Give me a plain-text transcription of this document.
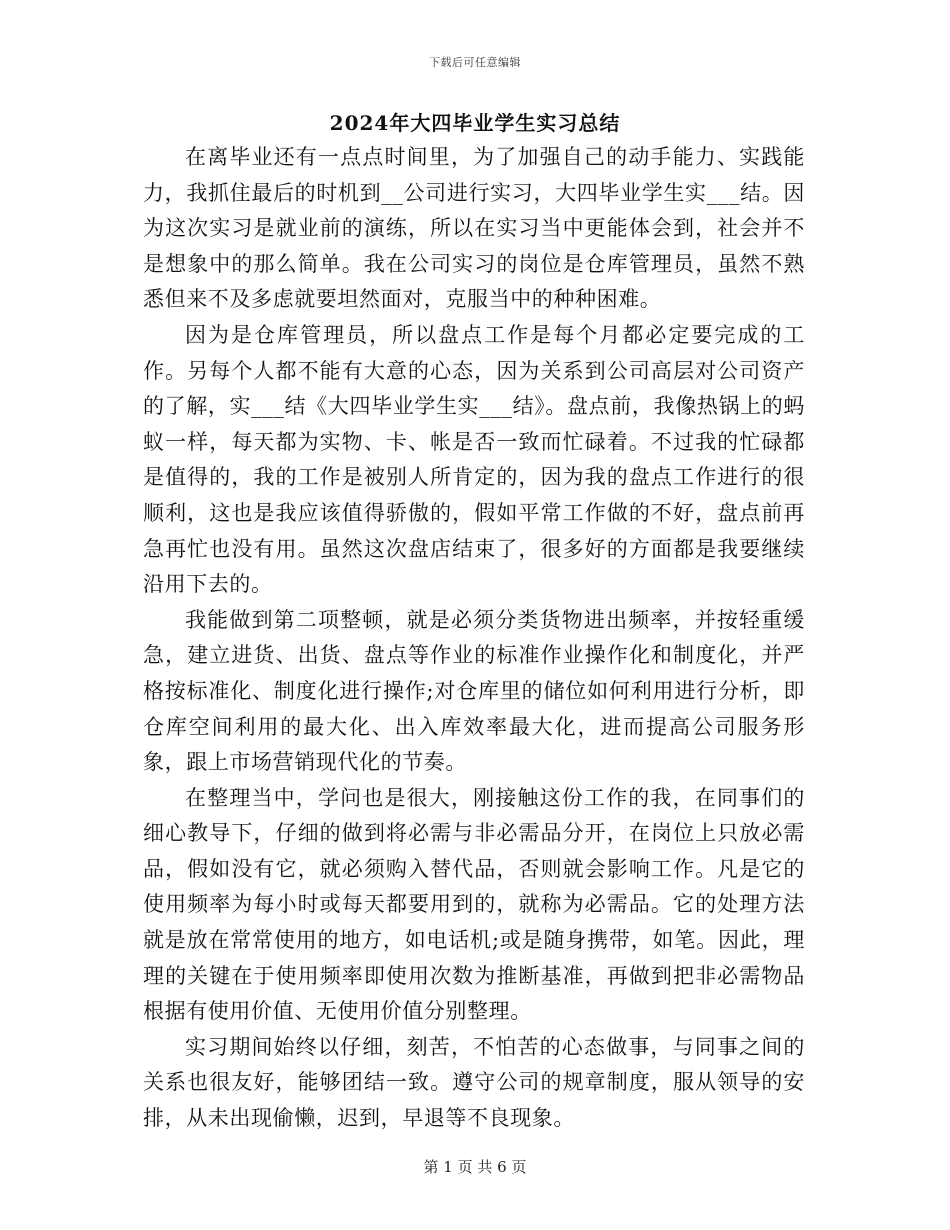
下载后可任意编辑
2024年大四毕业学生实习总结

在离毕业还有一点点时间里，为了加强自己的动手能力、实践能力，我抓住最后的时机到__公司进行实习，大四毕业学生实___结。因为这次实习是就业前的演练，所以在实习当中更能体会到，社会并不是想象中的那么简单。我在公司实习的岗位是仓库管理员，虽然不熟悉但来不及多虑就要坦然面对，克服当中的种种困难。

因为是仓库管理员，所以盘点工作是每个月都必定要完成的工作。另每个人都不能有大意的心态，因为关系到公司高层对公司资产的了解，实___结《大四毕业学生实___结》。盘点前，我像热锅上的蚂蚁一样，每天都为实物、卡、帐是否一致而忙碌着。不过我的忙碌都是值得的，我的工作是被别人所肯定的，因为我的盘点工作进行的很顺利，这也是我应该值得骄傲的，假如平常工作做的不好，盘点前再急再忙也没有用。虽然这次盘店结束了，很多好的方面都是我要继续沿用下去的。

我能做到第二项整顿，就是必须分类货物进出频率，并按轻重缓急，建立进货、出货、盘点等作业的标准作业操作化和制度化，并严格按标准化、制度化进行操作;对仓库里的储位如何利用进行分析，即仓库空间利用的最大化、出入库效率最大化，进而提高公司服务形象，跟上市场营销现代化的节奏。

在整理当中，学问也是很大，刚接触这份工作的我，在同事们的细心教导下，仔细的做到将必需与非必需品分开，在岗位上只放必需品，假如没有它，就必须购入替代品，否则就会影响工作。凡是它的使用频率为每小时或每天都要用到的，就称为必需品。它的处理方法就是放在常常使用的地方，如电话机;或是随身携带，如笔。因此，理理的关键在于使用频率即使用次数为推断基准，再做到把非必需物品根据有使用价值、无使用价值分别整理。

实习期间始终以仔细，刻苦，不怕苦的心态做事，与同事之间的关系也很友好，能够团结一致。遵守公司的规章制度，服从领导的安排，从未出现偷懒，迟到，早退等不良现象。

第 1 页 共 6 页
